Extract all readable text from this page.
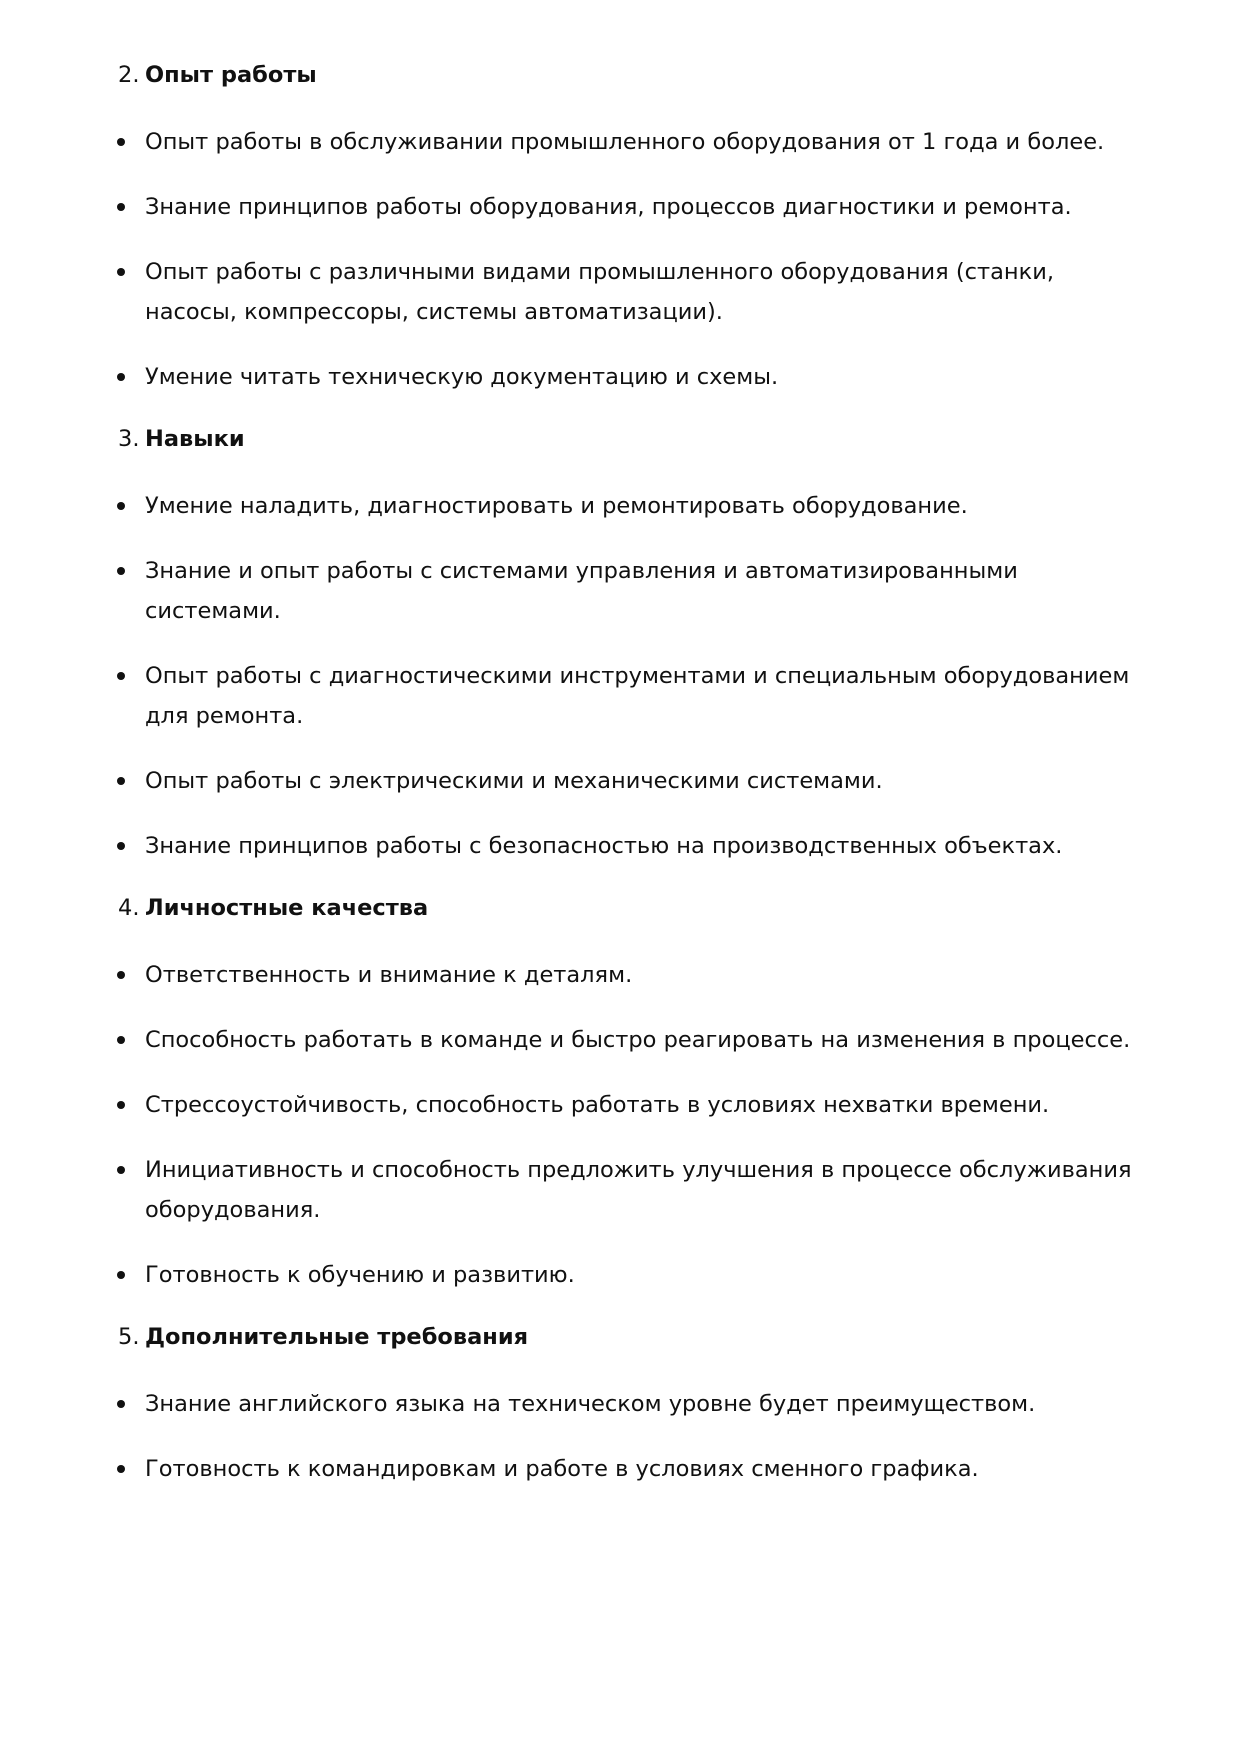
2. Опыт работы
Опыт работы в обслуживании промышленного оборудования от 1 года и более.
Знание принципов работы оборудования, процессов диагностики и ремонта.
Опыт работы с различными видами промышленного оборудования (станки, насосы, компрессоры, системы автоматизации).
Умение читать техническую документацию и схемы.
3. Навыки
Умение наладить, диагностировать и ремонтировать оборудование.
Знание и опыт работы с системами управления и автоматизированными системами.
Опыт работы с диагностическими инструментами и специальным оборудованием для ремонта.
Опыт работы с электрическими и механическими системами.
Знание принципов работы с безопасностью на производственных объектах.
4. Личностные качества
Ответственность и внимание к деталям.
Способность работать в команде и быстро реагировать на изменения в процессе.
Стрессоустойчивость, способность работать в условиях нехватки времени.
Инициативность и способность предложить улучшения в процессе обслуживания оборудования.
Готовность к обучению и развитию.
5. Дополнительные требования
Знание английского языка на техническом уровне будет преимуществом.
Готовность к командировкам и работе в условиях сменного графика.
